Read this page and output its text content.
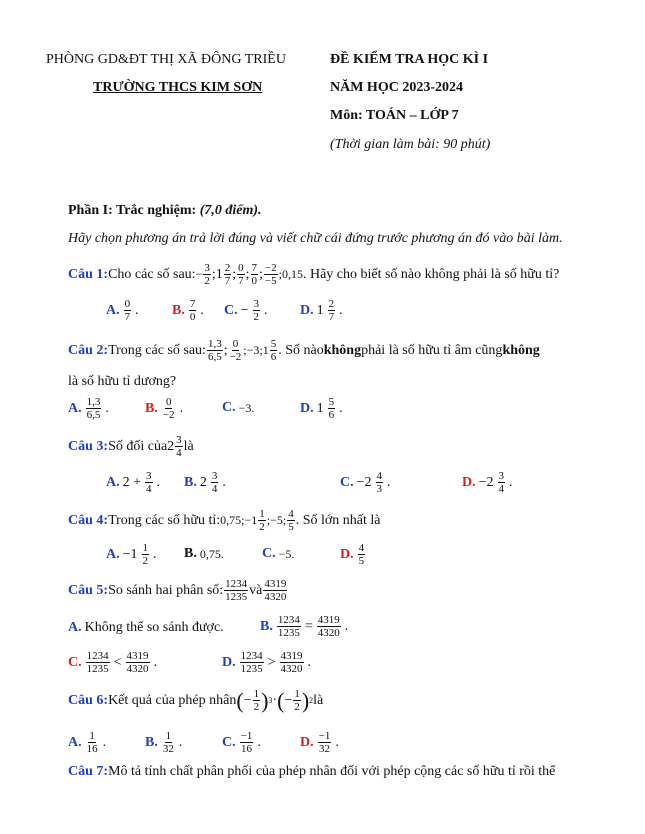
PHÒNG GD&ĐT THỊ XÃ ĐÔNG TRIỀU
TRƯỜNG THCS KIM SƠN
ĐỀ KIỂM TRA HỌC KÌ I
NĂM HỌC 2023-2024
Môn: TOÁN – LỚP 7
(Thời gian làm bài: 90 phút)
Phần I: Trắc nghiệm: (7,0 điểm).
Hãy chọn phương án trả lời đúng và viết chữ cái đứng trước phương án đó vào bài làm.
Câu 1: Cho các số sau: − $\frac{3}{2}$ ;1 $\frac{2}{7}$ ; $\frac{0}{7}$ ; $\frac{7}{0}$ ; $\frac{-2}{-5}$ ;0,15 . Hãy cho biết số nào không phải là số hữu tỉ?
A. $\frac{0}{7}$ . B. $\frac{7}{0}$ . C. − $\frac{3}{2}$ . D. $1 \frac{2}{7}$ .
Câu 2: Trong các số sau: $\frac{1,3}{6,5}$ ; $\frac{0}{-2}$ ;−3;1 $\frac{5}{6}$ . Số nào không phải là số hữu tỉ âm cũng không
là số hữu tỉ dương?
A. $\frac{1,3}{6,5}$ .	B. $\frac{0}{-2}$ .	C. −3.	D. $1 \frac{5}{6}$ .
Câu 3: Số đối của $2 \frac{3}{4}$ là
A. $2 + \frac{3}{4}$ . B. $2 \frac{3}{4}$ .	C. $-2 \frac{4}{3}$ .	D. $-2 \frac{3}{4}$ .
Câu 4: Trong các số hữu tỉ: 0,75;−1 $\frac{1}{2}$ ;−5; $\frac{4}{5}$ . Số lớn nhất là
A. $-1 \frac{1}{2}$ . B. 0,75.	C. −5.	D. $\frac{4}{5}$
Câu 5: So sánh hai phân số: $\frac{1234}{1235}$ và $\frac{4319}{4320}$
A. Không thể so sánh được.	B. $\frac{1234}{1235} = \frac{4319}{4320}$ .
C. $\frac{1234}{1235} < \frac{4319}{4320}$ .	D. $\frac{1234}{1235} > \frac{4319}{4320}$ .
Câu 6: Kết quả của phép nhân ( − $\frac{1}{2}$ ) 3 · ( − $\frac{1}{2}$ ) 2 là
A. $\frac{1}{16}$ .	B. $\frac{1}{32}$ .	C. $\frac{-1}{16}$ .	D. $\frac{-1}{32}$ .
Câu 7: Mô tả tính chất phân phối của phép nhân đối với phép cộng các số hữu tỉ rồi thể
